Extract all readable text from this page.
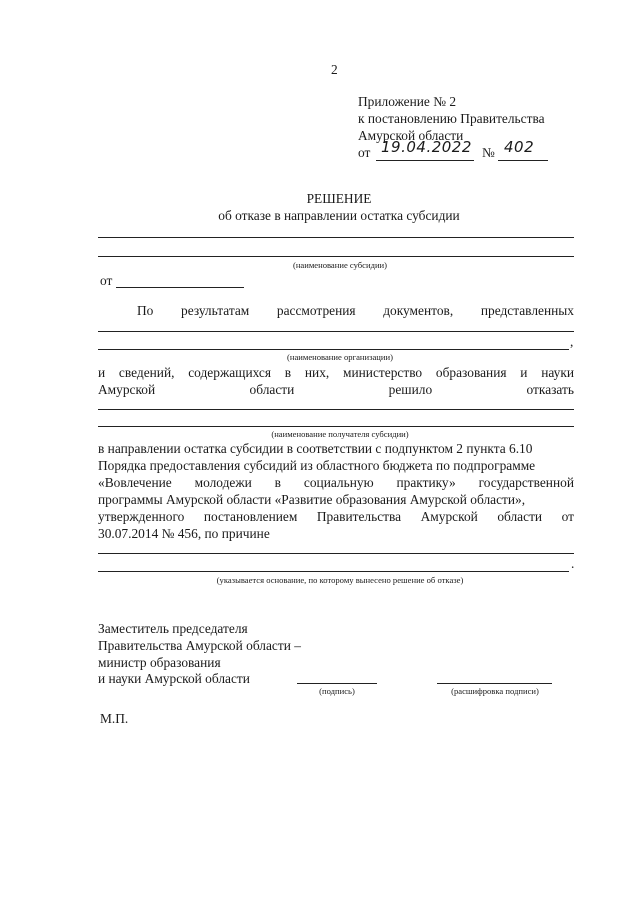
2
Приложение № 2
к постановлению Правительства
Амурской области
от 19.04.2022 № 402
РЕШЕНИЕ
об отказе в направлении остатка субсидии
(наименование субсидии)
от
По результатам рассмотрения документов, представленных
,
(наименование организации)
и сведений, содержащихся в них, министерство образования и науки
Амурской	области	решило	отказать
(наименование получателя субсидии)
в направлении остатка субсидии в соответствии с подпунктом 2 пункта 6.10
Порядка предоставления субсидий из областного бюджета по подпрограмме
«Вовлечение молодежи в социальную практику» государственной
программы Амурской области «Развитие образования Амурской области»,
утвержденного постановлением Правительства Амурской области от
30.07.2014 № 456, по причине
.
(указывается основание, по которому вынесено решение об отказе)
Заместитель председателя
Правительства Амурской области –
министр образования
и науки Амурской области
(подпись)	(расшифровка подписи)
М.П.
